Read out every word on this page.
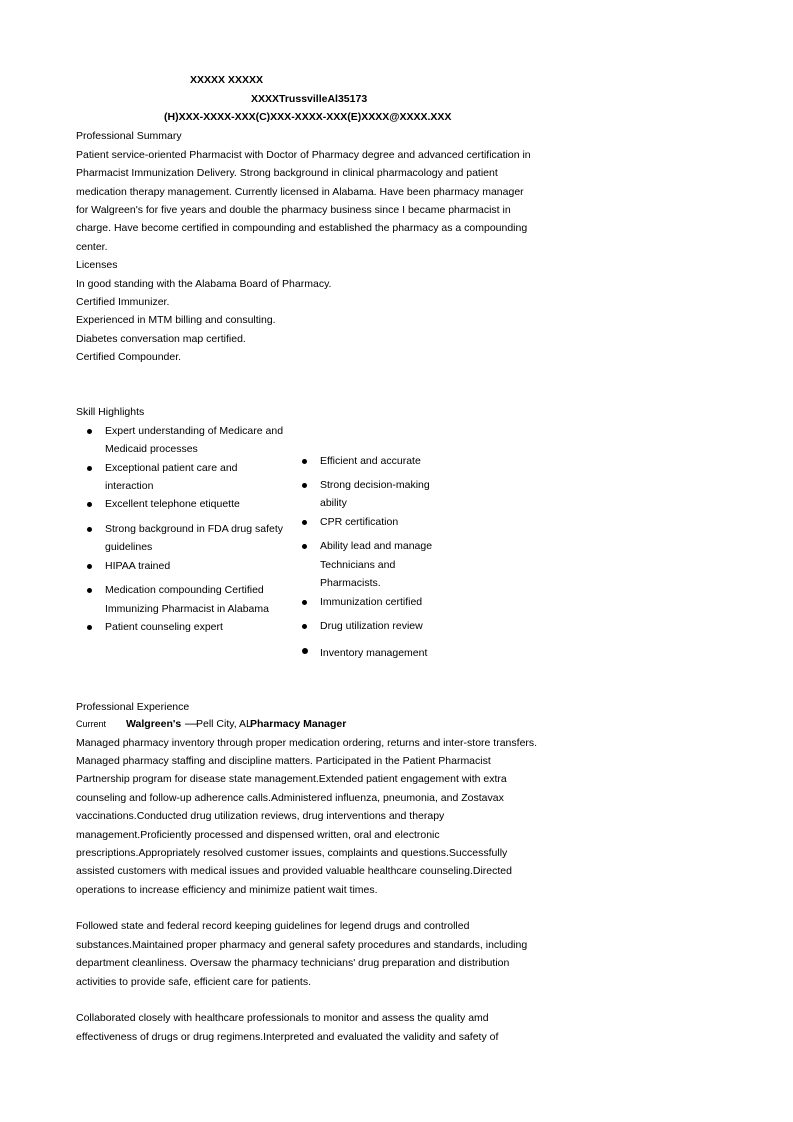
XXXXX XXXXX
XXXXTrussvilleAl35173
(H)XXX-XXXX-XXX(C)XXX-XXXX-XXX(E)XXXX@XXXX.XXX
Professional Summary
Patient service-oriented Pharmacist with Doctor of Pharmacy degree and advanced certification in
Pharmacist Immunization Delivery. Strong background in clinical pharmacology and patient
medication therapy management. Currently licensed in Alabama. Have been pharmacy manager
for Walgreen's for five years and double the pharmacy business since I became pharmacist in
charge. Have become certified in compounding and established the pharmacy as a compounding
center.
Licenses
In good standing with the Alabama Board of Pharmacy.
Certified Immunizer.
Experienced in MTM billing and consulting.
Diabetes conversation map certified.
Certified Compounder.
Skill Highlights
Expert understanding of Medicare and
Medicaid processes
Exceptional patient care and
interaction
Excellent telephone etiquette
Strong background in FDA drug safety
guidelines
HIPAA trained
Medication compounding Certified
Immunizing Pharmacist in Alabama
Patient counseling expert
Efficient and accurate
Strong decision-making
ability
CPR certification
Ability lead and manage
Technicians and
Pharmacists.
Immunization certified
Drug utilization review
Inventory management
Professional Experience
Current Walgreen's — Pell City, AL
Pharmacy Manager
Managed pharmacy inventory through proper medication ordering, returns and inter-store transfers.
Managed pharmacy staffing and discipline matters. Participated in the Patient Pharmacist
Partnership program for disease state management.Extended patient engagement with extra
counseling and follow-up adherence calls.Administered influenza, pneumonia, and Zostavax
vaccinations.Conducted drug utilization reviews, drug interventions and therapy
management.Proficiently processed and dispensed written, oral and electronic
prescriptions.Appropriately resolved customer issues, complaints and questions.Successfully
assisted customers with medical issues and provided valuable healthcare counseling.Directed
operations to increase efficiency and minimize patient wait times.
Followed state and federal record keeping guidelines for legend drugs and controlled
substances.Maintained proper pharmacy and general safety procedures and standards, including
department cleanliness. Oversaw the pharmacy technicians' drug preparation and distribution
activities to provide safe, efficient care for patients.
Collaborated closely with healthcare professionals to monitor and assess the quality amd
effectiveness of drugs or drug regimens.Interpreted and evaluated the validity and safety of
